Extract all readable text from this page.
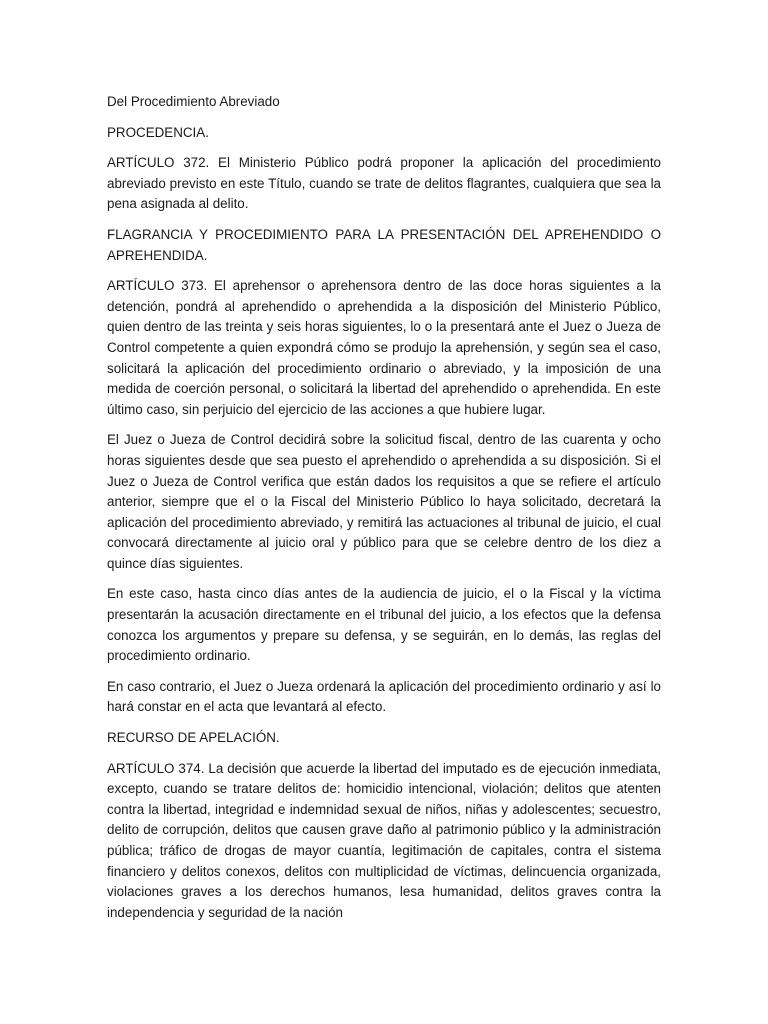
Del Procedimiento Abreviado

PROCEDENCIA.

ARTÍCULO 372. El Ministerio Público podrá proponer la aplicación del procedimiento abreviado previsto en este Título, cuando se trate de delitos flagrantes, cualquiera que sea la pena asignada al delito.

FLAGRANCIA Y PROCEDIMIENTO PARA LA PRESENTACIÓN DEL APREHENDIDO O APREHENDIDA.

ARTÍCULO 373. El aprehensor o aprehensora dentro de las doce horas siguientes a la detención, pondrá al aprehendido o aprehendida a la disposición del Ministerio Público, quien dentro de las treinta y seis horas siguientes, lo o la presentará ante el Juez o Jueza de Control competente a quien expondrá cómo se produjo la aprehensión, y según sea el caso, solicitará la aplicación del procedimiento ordinario o abreviado, y la imposición de una medida de coerción personal, o solicitará la libertad del aprehendido o aprehendida. En este último caso, sin perjuicio del ejercicio de las acciones a que hubiere lugar.

El Juez o Jueza de Control decidirá sobre la solicitud fiscal, dentro de las cuarenta y ocho horas siguientes desde que sea puesto el aprehendido o aprehendida a su disposición. Si el Juez o Jueza de Control verifica que están dados los requisitos a que se refiere el artículo anterior, siempre que el o la Fiscal del Ministerio Público lo haya solicitado, decretará la aplicación del procedimiento abreviado, y remitirá las actuaciones al tribunal de juicio, el cual convocará directamente al juicio oral y público para que se celebre dentro de los diez a quince días siguientes.

En este caso, hasta cinco días antes de la audiencia de juicio, el o la Fiscal y la víctima presentarán la acusación directamente en el tribunal del juicio, a los efectos que la defensa conozca los argumentos y prepare su defensa, y se seguirán, en lo demás, las reglas del procedimiento ordinario.

En caso contrario, el Juez o Jueza ordenará la aplicación del procedimiento ordinario y así lo hará constar en el acta que levantará al efecto.

RECURSO DE APELACIÓN.

ARTÍCULO 374. La decisión que acuerde la libertad del imputado es de ejecución inmediata, excepto, cuando se tratare delitos de: homicidio intencional, violación; delitos que atenten contra la libertad, integridad e indemnidad sexual de niños, niñas y adolescentes; secuestro, delito de corrupción, delitos que causen grave daño al patrimonio público y la administración pública; tráfico de drogas de mayor cuantía, legitimación de capitales, contra el sistema financiero y delitos conexos, delitos con multiplicidad de víctimas, delincuencia organizada, violaciones graves a los derechos humanos, lesa humanidad, delitos graves contra la independencia y seguridad de la nación
